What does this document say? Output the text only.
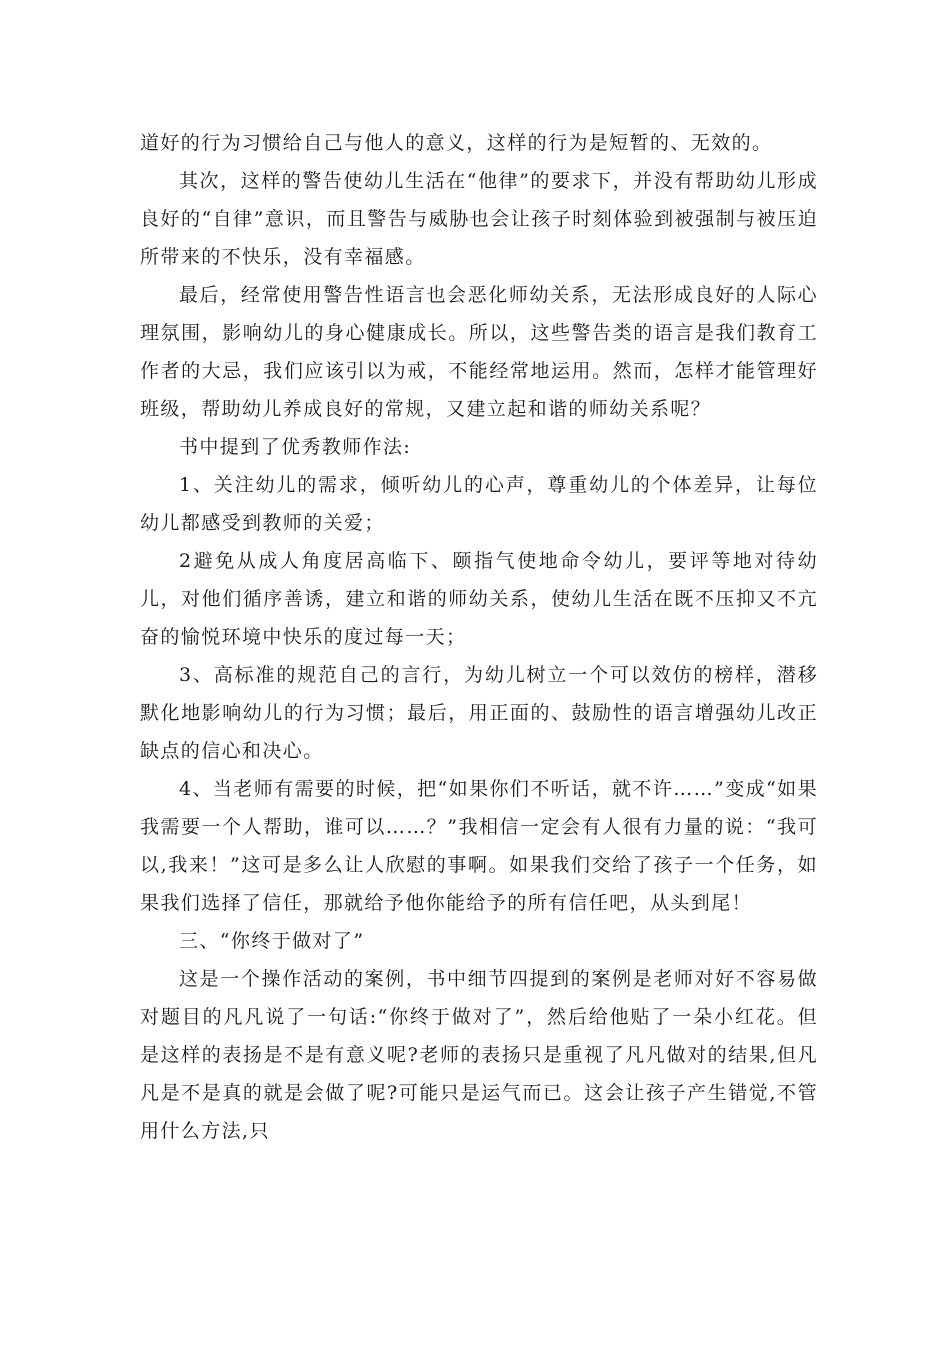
道好的行为习惯给自己与他人的意义，这样的行为是短暂的、无效的。

其次，这样的警告使幼儿生活在“他律”的要求下，并没有帮助幼儿形成良好的“自律”意识，而且警告与威胁也会让孩子时刻体验到被强制与被压迫所带来的不快乐，没有幸福感。

最后，经常使用警告性语言也会恶化师幼关系，无法形成良好的人际心理氛围，影响幼儿的身心健康成长。所以，这些警告类的语言是我们教育工作者的大忌，我们应该引以为戒，不能经常地运用。然而，怎样才能管理好班级，帮助幼儿养成良好的常规，又建立起和谐的师幼关系呢？

书中提到了优秀教师作法:

1、关注幼儿的需求，倾听幼儿的心声，尊重幼儿的个体差异，让每位幼儿都感受到教师的关爱；

2避免从成人角度居高临下、颐指气使地命令幼儿，要评等地对待幼儿，对他们循序善诱，建立和谐的师幼关系，使幼儿生活在既不压抑又不亢奋的愉悦环境中快乐的度过每一天；

3、高标准的规范自己的言行，为幼儿树立一个可以效仿的榜样，潜移默化地影响幼儿的行为习惯；最后，用正面的、鼓励性的语言增强幼儿改正缺点的信心和决心。

4、当老师有需要的时候，把“如果你们不听话，就不许……”变成“如果我需要一个人帮助，谁可以……？”我相信一定会有人很有力量的说：“我可以,我来！”这可是多么让人欣慰的事啊。如果我们交给了孩子一个任务，如果我们选择了信任，那就给予他你能给予的所有信任吧，从头到尾！

三、“你终于做对了”

这是一个操作活动的案例，书中细节四提到的案例是老师对好不容易做对题目的凡凡说了一句话:“你终于做对了”，然后给他贴了一朵小红花。但是这样的表扬是不是有意义呢?老师的表扬只是重视了凡凡做对的结果,但凡凡是不是真的就是会做了呢?可能只是运气而已。这会让孩子产生错觉,不管用什么方法,只
